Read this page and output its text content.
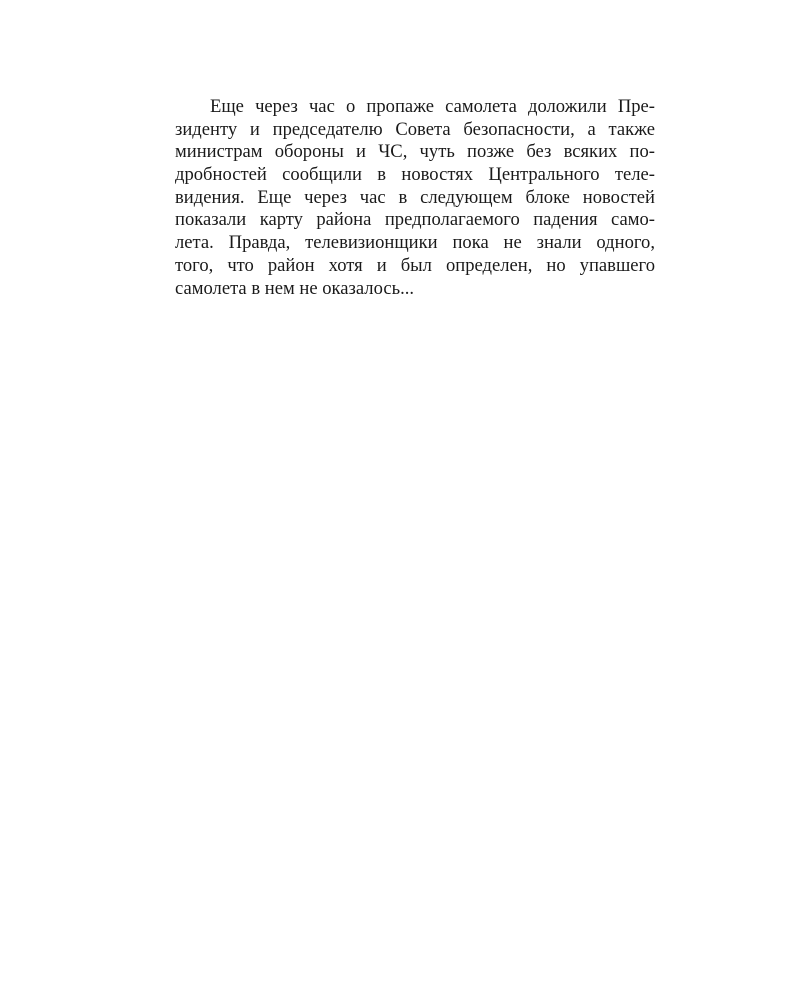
Еще через час о пропаже самолета доложили Пре-
зиденту и председателю Совета безопасности, а также
министрам обороны и ЧС, чуть позже без всяких по-
дробностей сообщили в новостях Центрального теле-
видения. Еще через час в следующем блоке новостей
показали карту района предполагаемого падения само-
лета. Правда, телевизионщики пока не знали одного,
того, что район хотя и был определен, но упавшего
самолета в нем не оказалось...
